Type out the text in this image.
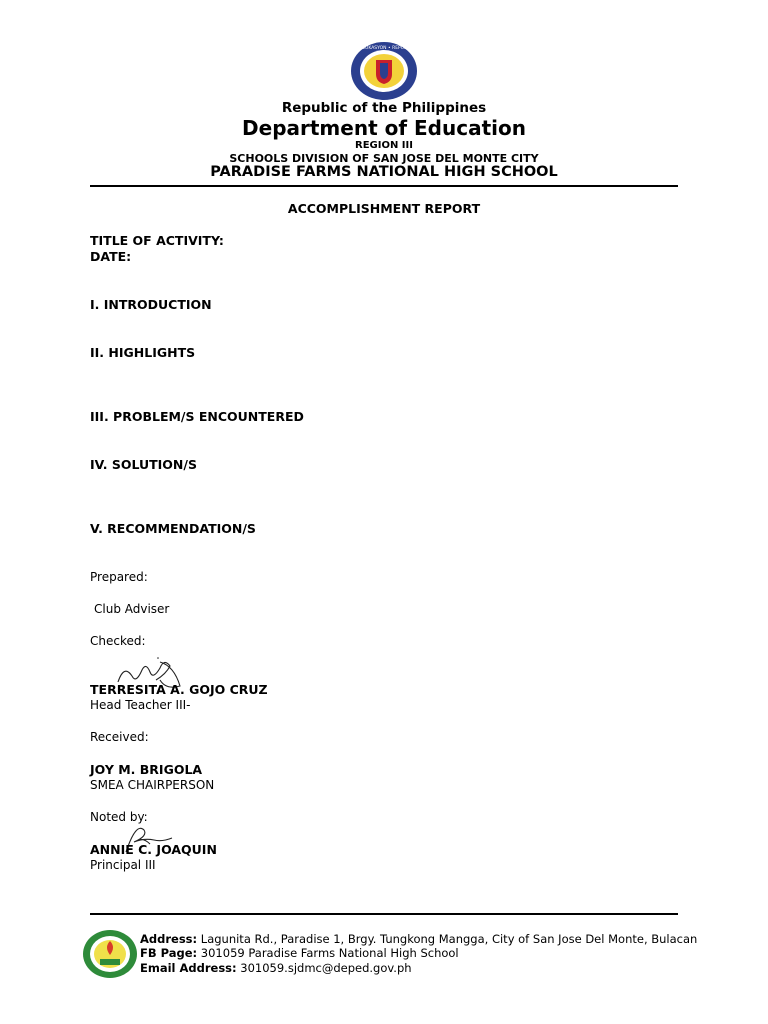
KAGAWARAN NG EDUKASYON • REPUBLIKA NG PILIPINAS
Republic of the Philippines
Department of Education
REGION III
SCHOOLS DIVISION OF SAN JOSE DEL MONTE CITY
PARADISE FARMS NATIONAL HIGH SCHOOL
ACCOMPLISHMENT REPORT
TITLE OF ACTIVITY:
DATE:
I. INTRODUCTION
II. HIGHLIGHTS
III. PROBLEM/S ENCOUNTERED
IV. SOLUTION/S
V. RECOMMENDATION/S
Prepared:
Club Adviser
Checked:
TERRESITA A. GOJO CRUZ
Head Teacher III-
Received:
JOY M. BRIGOLA
SMEA CHAIRPERSON
Noted by:
ANNIE C. JOAQUIN
Principal III
Address: Lagunita Rd., Paradise 1, Brgy. Tungkong Mangga, City of San Jose Del Monte, Bulacan
FB Page: 301059 Paradise Farms National High School
Email Address: 301059.sjdmc@deped.gov.ph
